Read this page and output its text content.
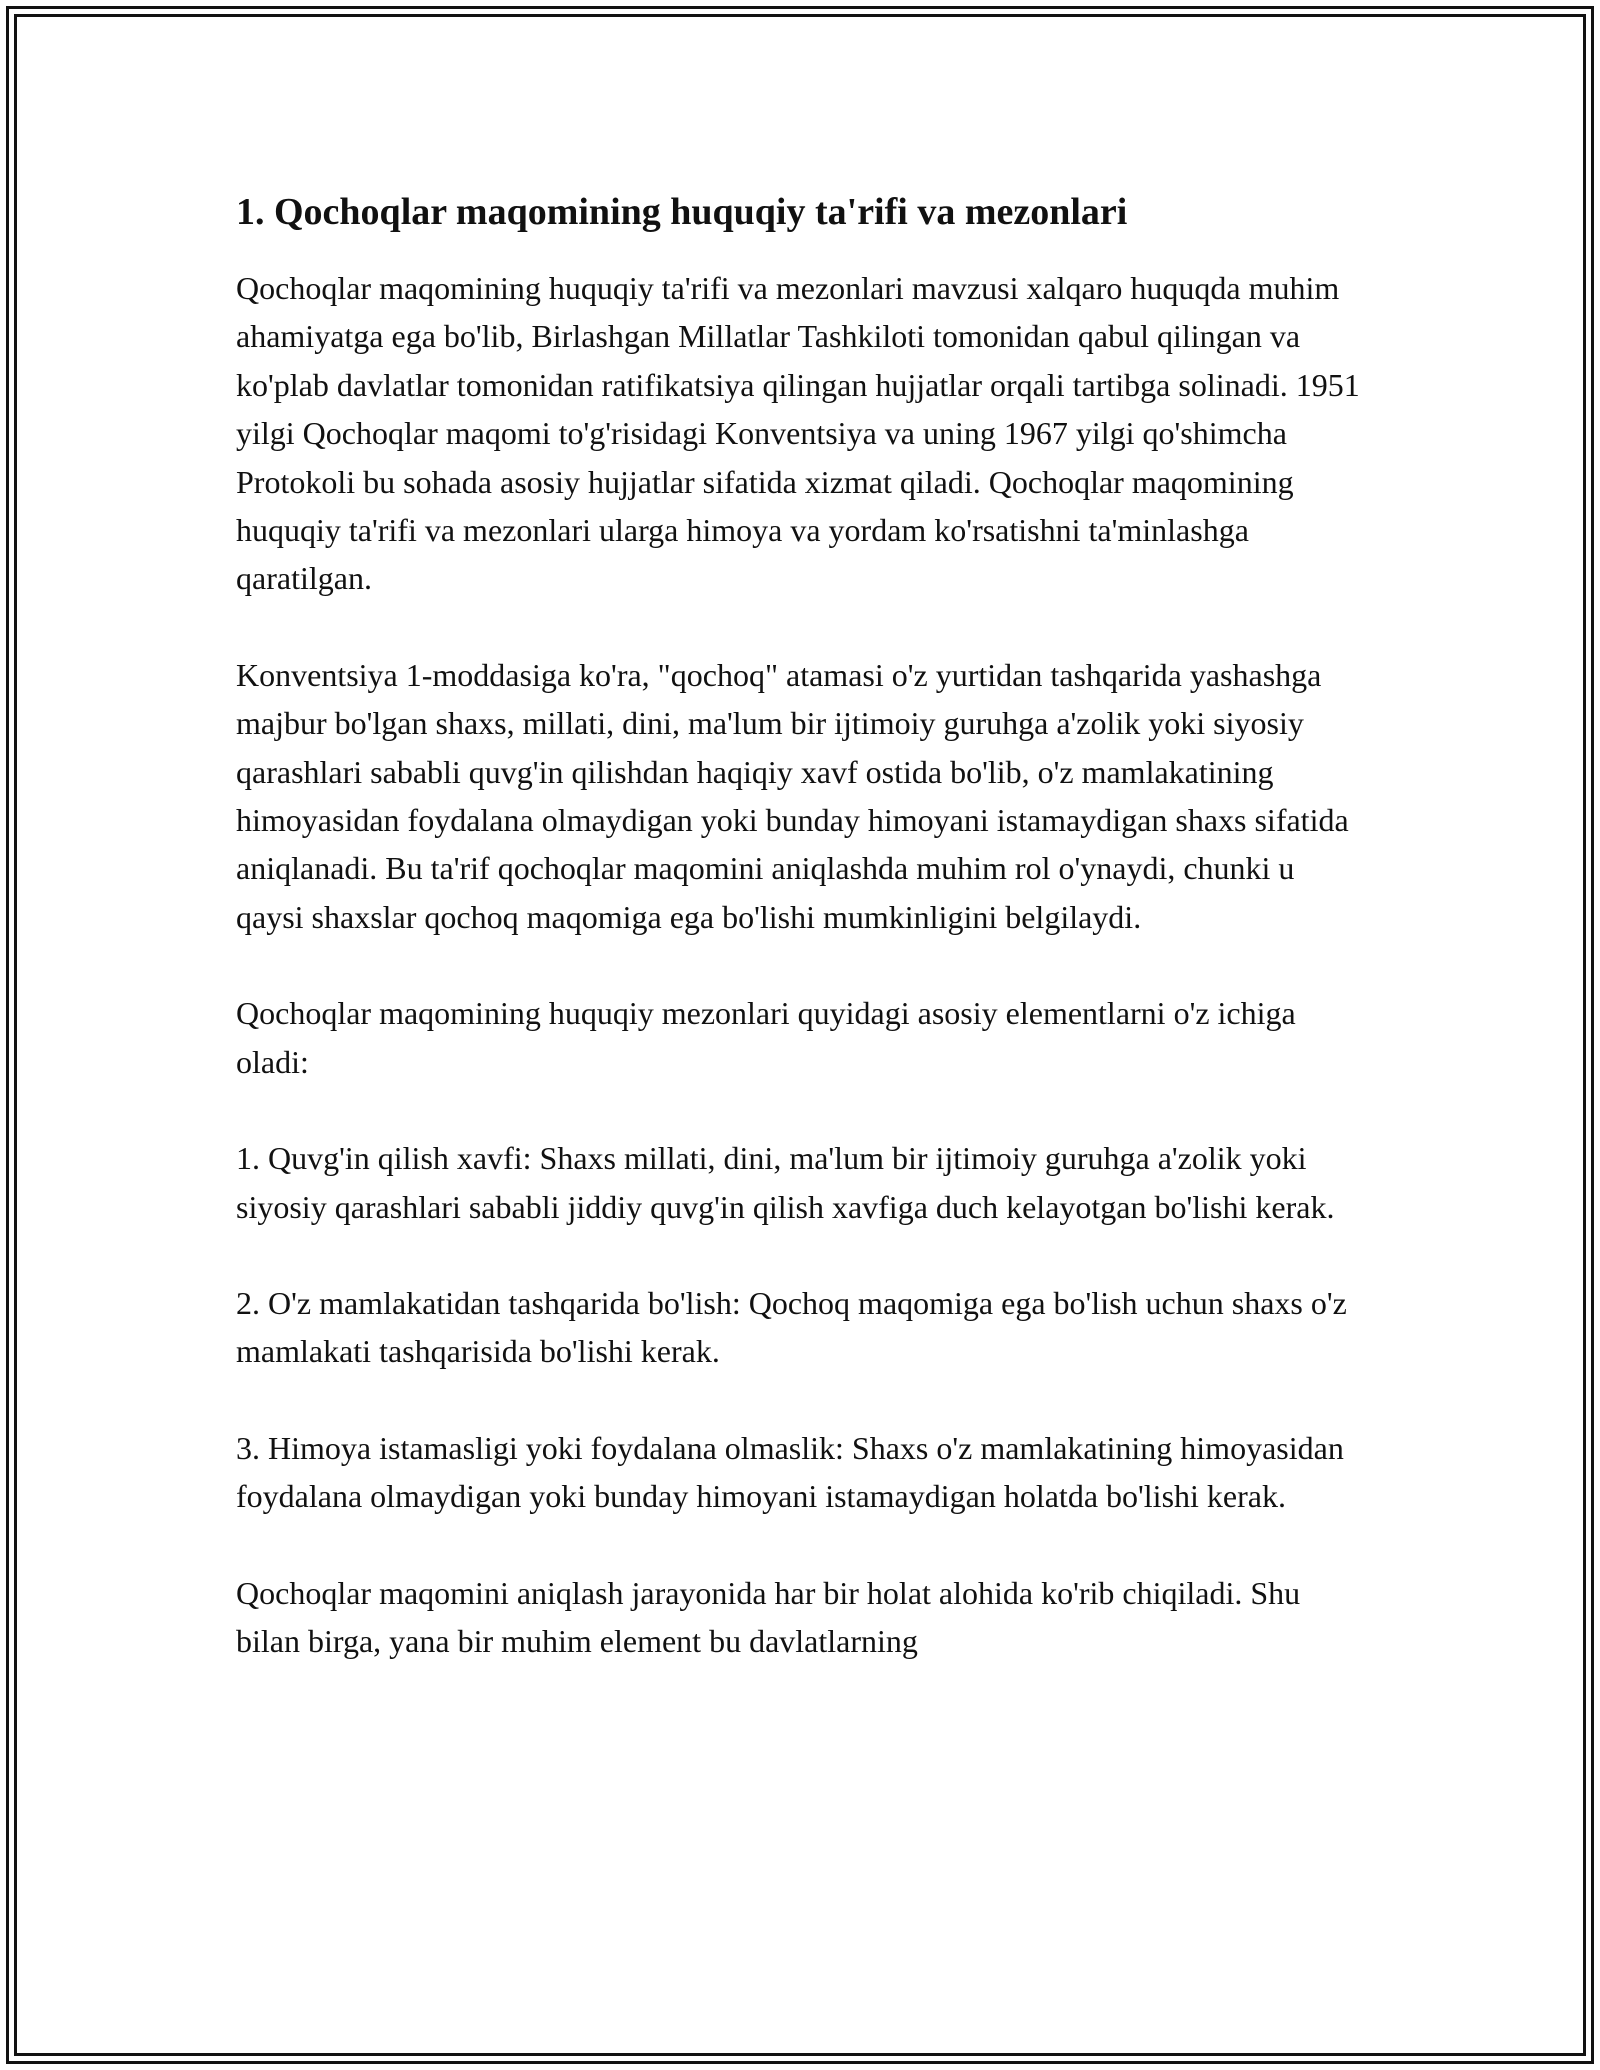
1. Qochoqlar maqomining huquqiy ta'rifi va mezonlari

Qochoqlar maqomining huquqiy ta'rifi va mezonlari mavzusi xalqaro huquqda muhim ahamiyatga ega bo'lib, Birlashgan Millatlar Tashkiloti tomonidan qabul qilingan va ko'plab davlatlar tomonidan ratifikatsiya qilingan hujjatlar orqali tartibga solinadi. 1951 yilgi Qochoqlar maqomi to'g'risidagi Konventsiya va uning 1967 yilgi qo'shimcha Protokoli bu sohada asosiy hujjatlar sifatida xizmat qiladi. Qochoqlar maqomining huquqiy ta'rifi va mezonlari ularga himoya va yordam ko'rsatishni ta'minlashga qaratilgan.

Konventsiya 1-moddasiga ko'ra, "qochoq" atamasi o'z yurtidan tashqarida yashashga majbur bo'lgan shaxs, millati, dini, ma'lum bir ijtimoiy guruhga a'zolik yoki siyosiy qarashlari sababli quvg'in qilishdan haqiqiy xavf ostida bo'lib, o'z mamlakatining himoyasidan foydalana olmaydigan yoki bunday himoyani istamaydigan shaxs sifatida aniqlanadi. Bu ta'rif qochoqlar maqomini aniqlashda muhim rol o'ynaydi, chunki u qaysi shaxslar qochoq maqomiga ega bo'lishi mumkinligini belgilaydi.

Qochoqlar maqomining huquqiy mezonlari quyidagi asosiy elementlarni o'z ichiga oladi:

1. Quvg'in qilish xavfi: Shaxs millati, dini, ma'lum bir ijtimoiy guruhga a'zolik yoki siyosiy qarashlari sababli jiddiy quvg'in qilish xavfiga duch kelayotgan bo'lishi kerak.

2. O'z mamlakatidan tashqarida bo'lish: Qochoq maqomiga ega bo'lish uchun shaxs o'z mamlakati tashqarisida bo'lishi kerak.

3. Himoya istamasligi yoki foydalana olmaslik: Shaxs o'z mamlakatining himoyasidan foydalana olmaydigan yoki bunday himoyani istamaydigan holatda bo'lishi kerak.

Qochoqlar maqomini aniqlash jarayonida har bir holat alohida ko'rib chiqiladi. Shu bilan birga, yana bir muhim element bu davlatlarning
